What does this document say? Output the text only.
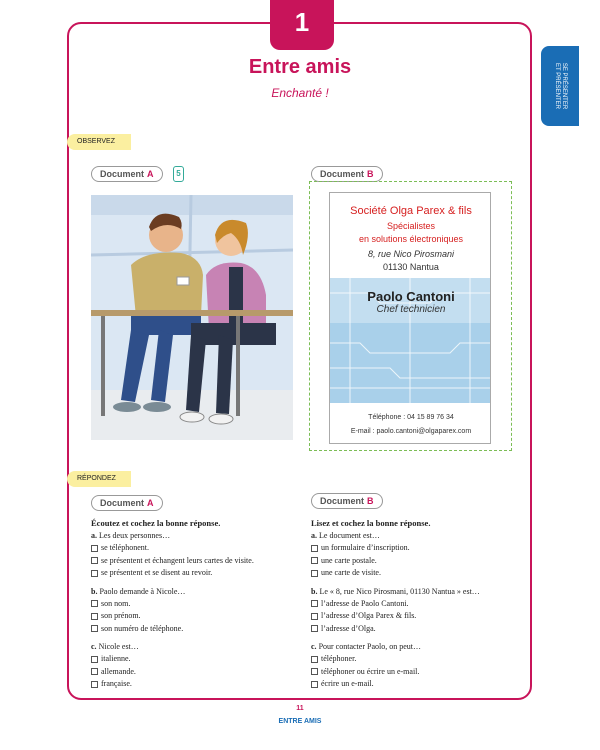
1
SE PRÉSENTER
ET PRÉSENTER
Entre amis
Enchanté !
OBSERVEZ
Document A	5	Document B
Société Olga Parex & fils
Spécialistes
en solutions électroniques
8, rue Nico Pirosmani
01130 Nantua
Paolo Cantoni
Chef technicien
Téléphone : 04 15 89 76 34
E-mail : paolo.cantoni@olgaparex.com
RÉPONDEZ
Document A	Document B
Écoutez et cochez la bonne réponse.
a. Les deux personnes…
se téléphonent.
se présentent et échangent leurs cartes de visite.
se présentent et se disent au revoir.
b. Paolo demande à Nicole…
son nom.
son prénom.
son numéro de téléphone.
c. Nicole est…
italienne.
allemande.
française.
Lisez et cochez la bonne réponse.
a. Le document est…
un formulaire d’inscription.
une carte postale.
une carte de visite.
b. Le « 8, rue Nico Pirosmani, 01130 Nantua » est…
l’adresse de Paolo Cantoni.
l’adresse d’Olga Parex & fils.
l’adresse d’Olga.
c. Pour contacter Paolo, on peut…
téléphoner.
téléphoner ou écrire un e-mail.
écrire un e-mail.
11
ENTRE AMIS
